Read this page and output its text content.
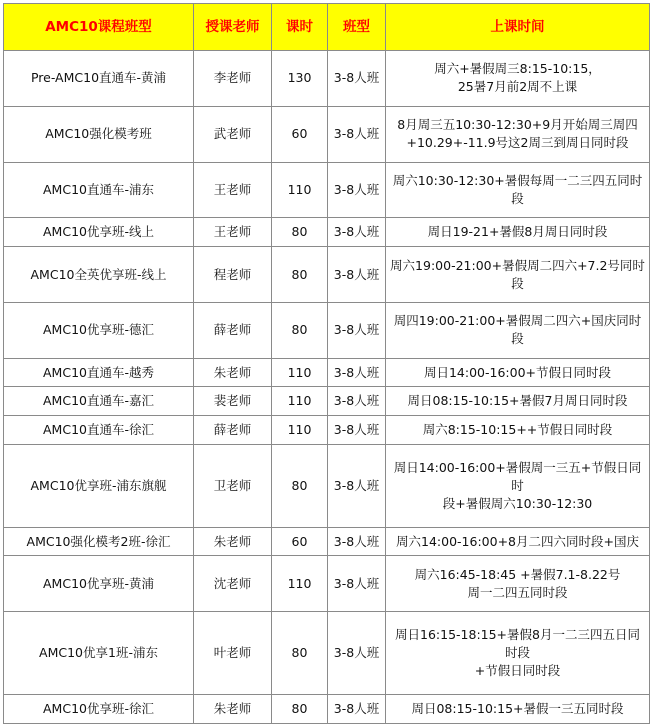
AMC10课程班型	授课老师	课时	班型	上课时间
Pre-AMC10直通车-黄浦	李老师	130	3-8人班	周六+暑假周三8:15-10:15，
25暑7月前2周不上课

AMC10强化模考班	武老师	60	3-8人班	8月周三五10:30-12:30+9月开始周三周四
+10.29+-11.9号这2周三到周日同时段

AMC10直通车-浦东	王老师	110	3-8人班	周六10:30-12:30+暑假每周一二三四五同时段

AMC10优享班-线上	王老师	80	3-8人班	周日19-21+暑假8月周日同时段

AMC10全英优享班-线上	程老师	80	3-8人班	周六19:00-21:00+暑假周二四六+7.2号同时段

AMC10优享班-德汇	薛老师	80	3-8人班	周四19:00-21:00+暑假周二四六+国庆同时段

AMC10直通车-越秀	朱老师	110	3-8人班	周日14:00-16:00+节假日同时段

AMC10直通车-嘉汇	裴老师	110	3-8人班	周日08:15-10:15+暑假7月周日同时段

AMC10直通车-徐汇	薛老师	110	3-8人班	周六8:15-10:15++节假日同时段

AMC10优享班-浦东旗舰	卫老师	80	3-8人班	周日14:00-16:00+暑假周一三五+节假日同时
段+暑假周六10:30-12:30

AMC10强化模考2班-徐汇	朱老师	60	3-8人班	周六14:00-16:00+8月二四六同时段+国庆

AMC10优享班-黄浦	沈老师	110	3-8人班	周六16:45-18:45 +暑假7.1-8.22号
周一二四五同时段

AMC10优享1班-浦东	叶老师	80	3-8人班	周日16:15-18:15+暑假8月一二三四五日同时段
+节假日同时段

AMC10优享班-徐汇	朱老师	80	3-8人班	周日08:15-10:15+暑假一三五同时段
